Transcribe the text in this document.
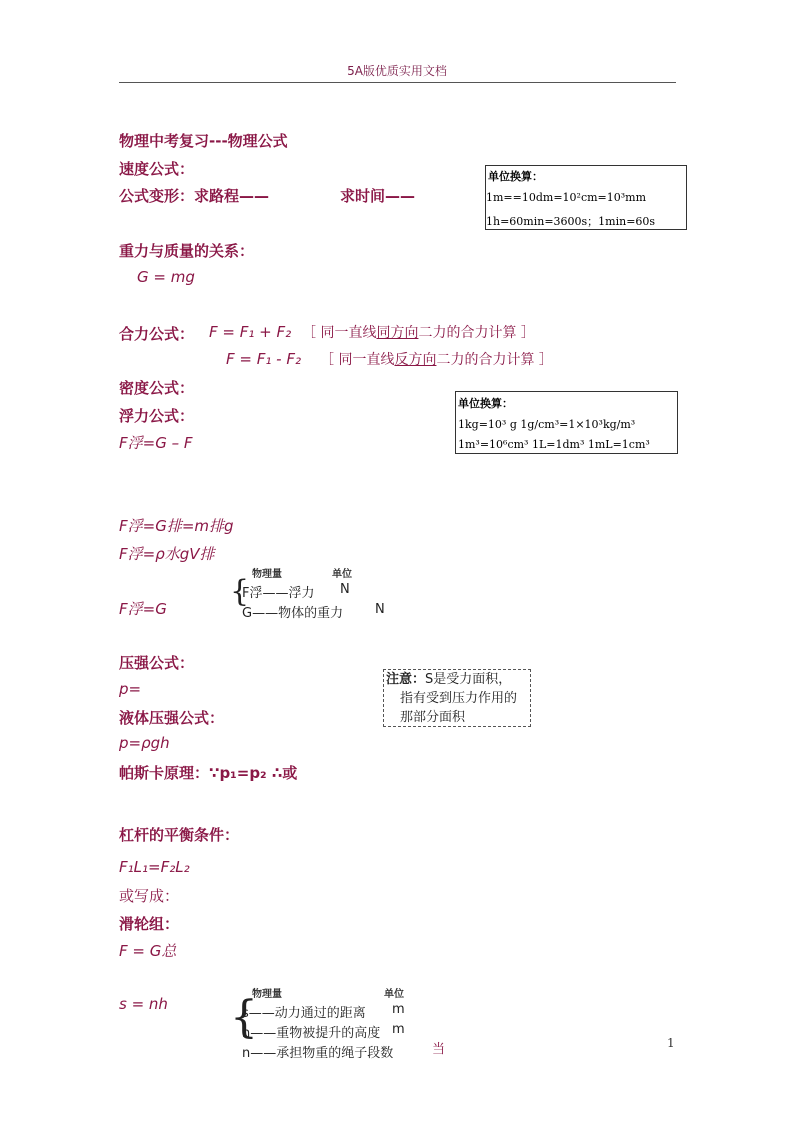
5A版优质实用文档
物理中考复习---物理公式
速度公式：
公式变形：求路程——	求时间——
单位换算：
1m==10dm=10²cm=10³mm
1h=60min=3600s；1min=60s
重力与质量的关系：
G = mg
合力公式： F = F₁ + F₂ ［ 同一直线同方向二力的合力计算 ］
F = F₁ - F₂ ［ 同一直线反方向二力的合力计算 ］
密度公式：
浮力公式：
F浮=G – F
单位换算：
1kg=10³ g 1g/cm³=1×10³kg/m³
1m³=10⁶cm³ 1L=1dm³ 1mL=1cm³
F浮=G排=m排g
F浮=ρ水gV排
F浮=G
物理量	单位
{
F浮——浮力 N
G——物体的重力 N
压强公式：
p=
液体压强公式：
p=ρgh
帕斯卡原理：∵p₁=p₂ ∴或
注意：S是受力面积，
指有受到压力作用的
那部分面积
杠杆的平衡条件：
F₁L₁=F₂L₂
或写成：
滑轮组：
F = G总
s = nh
物理量	单位
{
s——动力通过的距离 m
h——重物被提升的高度 m
n——承担物重的绳子段数	当	1
